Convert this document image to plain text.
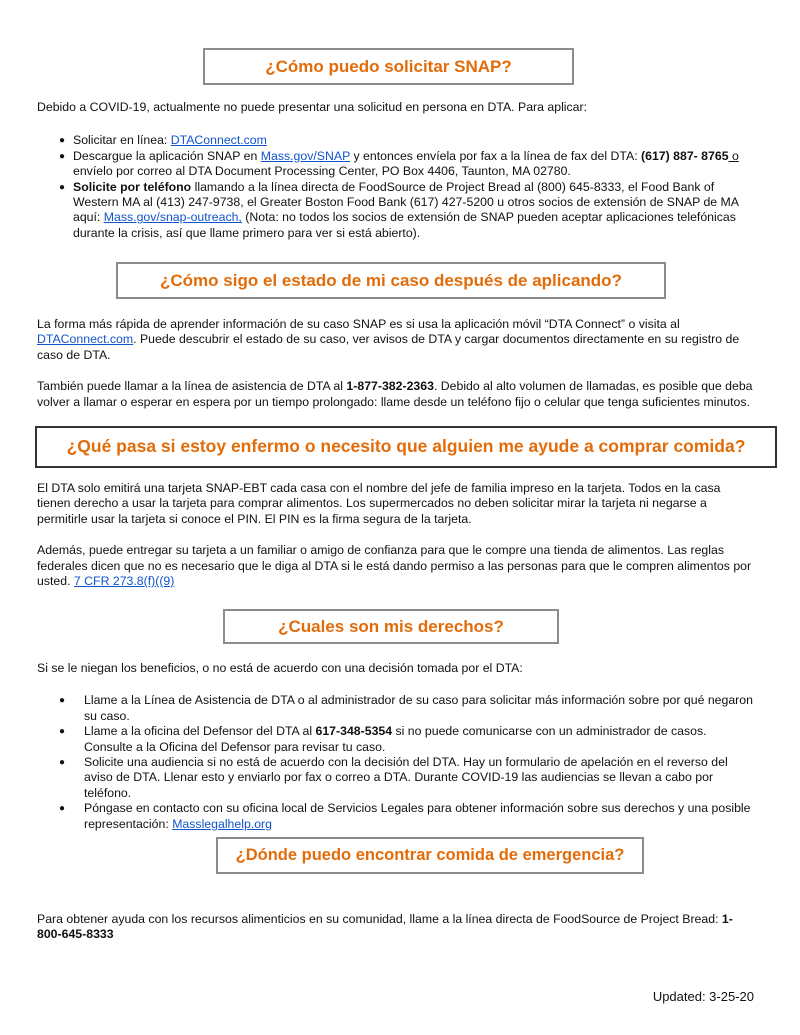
¿Cómo puedo solicitar SNAP?

Debido a COVID-19, actualmente no puede presentar una solicitud en persona en DTA. Para aplicar:

● Solicitar en línea: DTAConnect.com
● Descargue la aplicación SNAP en Mass.gov/SNAP y entonces envíela por fax a la línea de fax del DTA: (617) 887- 8765 o envíelo por correo al DTA Document Processing Center, PO Box 4406, Taunton, MA 02780.
● Solicite por teléfono llamando a la línea directa de FoodSource de Project Bread al (800) 645-8333, el Food Bank of Western MA al (413) 247-9738, el Greater Boston Food Bank (617) 427-5200 u otros socios de extensión de SNAP de MA aquí: Mass.gov/snap-outreach, (Nota: no todos los socios de extensión de SNAP pueden aceptar aplicaciones telefónicas durante la crisis, así que llame primero para ver si está abierto).
¿Cómo sigo el estado de mi caso después de aplicando?

La forma más rápida de aprender información de su caso SNAP es si usa la aplicación móvil “DTA Connect” o visita al DTAConnect.com. Puede descubrir el estado de su caso, ver avisos de DTA y cargar documentos directamente en su registro de caso de DTA.

También puede llamar a la línea de asistencia de DTA al 1-877-382-2363. Debido al alto volumen de llamadas, es posible que deba volver a llamar o esperar en espera por un tiempo prolongado: llame desde un teléfono fijo o celular que tenga suficientes minutos.

¿Qué pasa si estoy enfermo o necesito que alguien me ayude a comprar comida?

El DTA solo emitirá una tarjeta SNAP-EBT cada casa con el nombre del jefe de familia impreso en la tarjeta. Todos en la casa tienen derecho a usar la tarjeta para comprar alimentos. Los supermercados no deben solicitar mirar la tarjeta ni negarse a permitirle usar la tarjeta si conoce el PIN. El PIN es la firma segura de la tarjeta.

Además, puede entregar su tarjeta a un familiar o amigo de confianza para que le compre una tienda de alimentos. Las reglas federales dicen que no es necesario que le diga al DTA si le está dando permiso a las personas para que le compren alimentos por usted. 7 CFR 273.8(f)((9)

¿Cuales son mis derechos?

Si se le niegan los beneficios, o no está de acuerdo con una decisión tomada por el DTA:

● Llame a la Línea de Asistencia de DTA o al administrador de su caso para solicitar más información sobre por qué negaron su caso.
● Llame a la oficina del Defensor del DTA al 617-348-5354 si no puede comunicarse con un administrador de casos. Consulte a la Oficina del Defensor para revisar tu caso.
● Solicite una audiencia si no está de acuerdo con la decisión del DTA. Hay un formulario de apelación en el reverso del aviso de DTA. Llenar esto y enviarlo por fax o correo a DTA. Durante COVID-19 las audiencias se llevan a cabo por teléfono.
● Póngase en contacto con su oficina local de Servicios Legales para obtener información sobre sus derechos y una posible representación: Masslegalhelp.org
¿Dónde puedo encontrar comida de emergencia?

Para obtener ayuda con los recursos alimenticios en su comunidad, llame a la línea directa de FoodSource de Project Bread: 1-800-645-8333

Updated: 3-25-20
